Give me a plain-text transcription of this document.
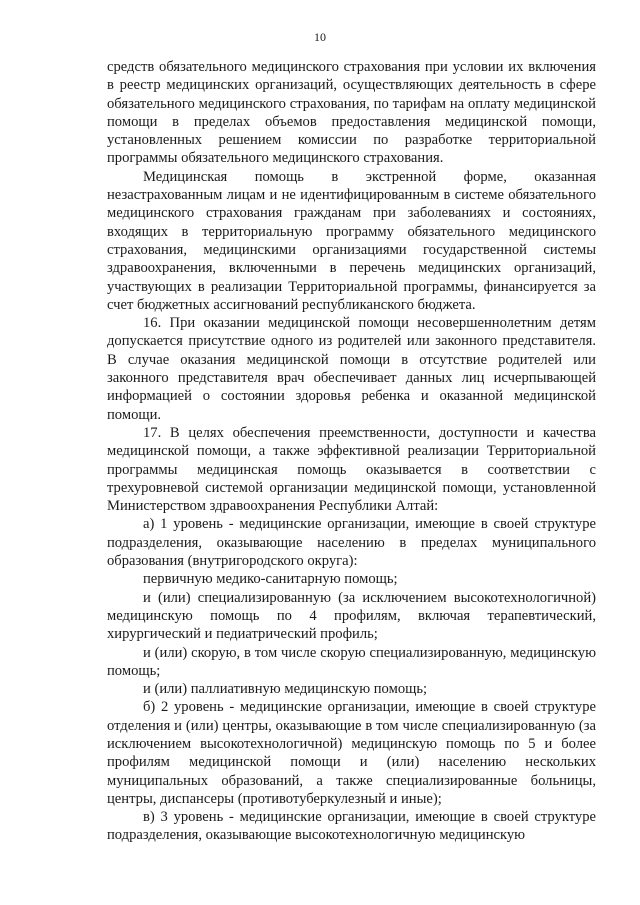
10

средств обязательного медицинского страхования при условии их включения в реестр медицинских организаций, осуществляющих деятельность в сфере обязательного медицинского страхования, по тарифам на оплату медицинской помощи в пределах объемов предоставления медицинской помощи, установленных решением комиссии по разработке территориальной программы обязательного медицинского страхования.

Медицинская помощь в экстренной форме, оказанная незастрахованным лицам и не идентифицированным в системе обязательного медицинского страхования гражданам при заболеваниях и состояниях, входящих в территориальную программу обязательного медицинского страхования, медицинскими организациями государственной системы здравоохранения, включенными в перечень медицинских организаций, участвующих в реализации Территориальной программы, финансируется за счет бюджетных ассигнований республиканского бюджета.

16. При оказании медицинской помощи несовершеннолетним детям допускается присутствие одного из родителей или законного представителя. В случае оказания медицинской помощи в отсутствие родителей или законного представителя врач обеспечивает данных лиц исчерпывающей информацией о состоянии здоровья ребенка и оказанной медицинской помощи.

17. В целях обеспечения преемственности, доступности и качества медицинской помощи, а также эффективной реализации Территориальной программы медицинская помощь оказывается в соответствии с трехуровневой системой организации медицинской помощи, установленной Министерством здравоохранения Республики Алтай:

а) 1 уровень - медицинские организации, имеющие в своей структуре подразделения, оказывающие населению в пределах муниципального образования (внутригородского округа):

первичную медико-санитарную помощь;

и (или) специализированную (за исключением высокотехнологичной) медицинскую помощь по 4 профилям, включая терапевтический, хирургический и педиатрический профиль;

и (или) скорую, в том числе скорую специализированную, медицинскую помощь;

и (или) паллиативную медицинскую помощь;

б) 2 уровень - медицинские организации, имеющие в своей структуре отделения и (или) центры, оказывающие в том числе специализированную (за исключением высокотехнологичной) медицинскую помощь по 5 и более профилям медицинской помощи и (или) населению нескольких муниципальных образований, а также специализированные больницы, центры, диспансеры (противотуберкулезный и иные);

в) 3 уровень - медицинские организации, имеющие в своей структуре подразделения, оказывающие высокотехнологичную медицинскую
